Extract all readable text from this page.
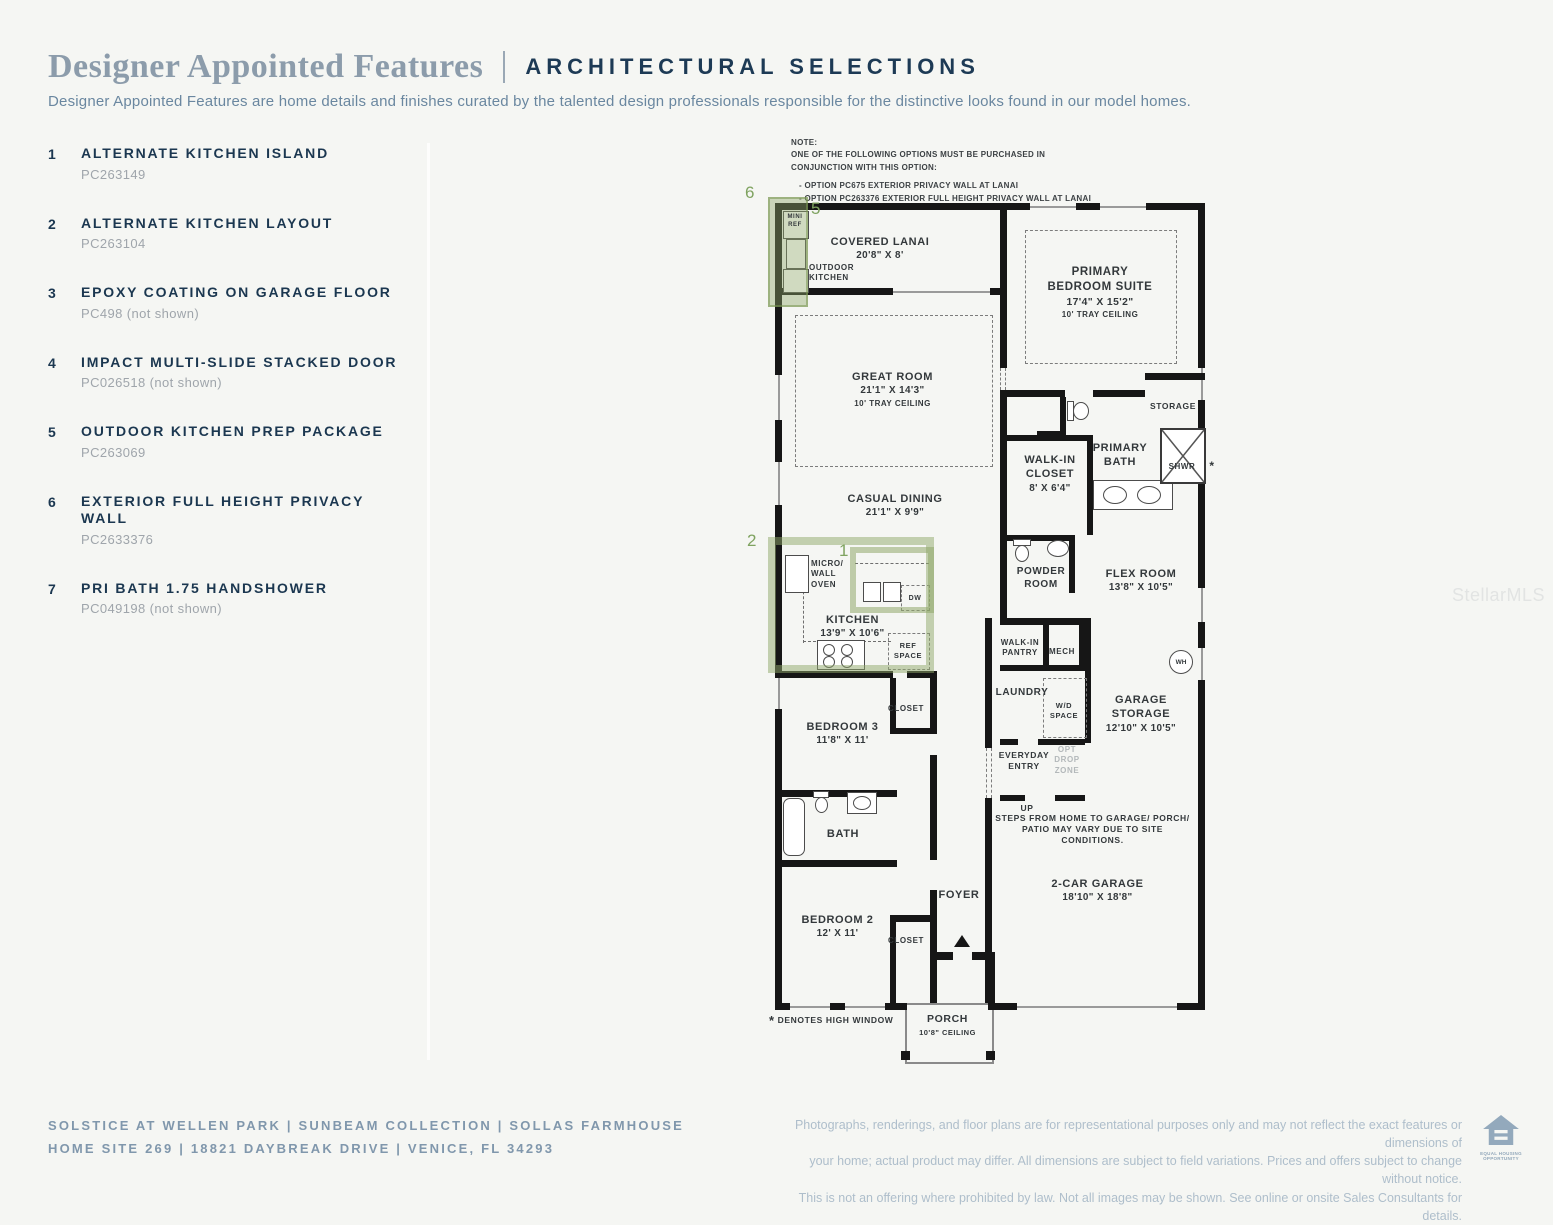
Designer Appointed Features ARCHITECTURAL SELECTIONS
Designer Appointed Features are home details and finishes curated by the talented design professionals responsible for the distinctive looks found in our model homes.
1	ALTERNATE KITCHEN ISLAND
PC263149
2	ALTERNATE KITCHEN LAYOUT
PC263104
3	EPOXY COATING ON GARAGE FLOOR
PC498 (not shown)
4	IMPACT MULTI-SLIDE STACKED DOOR
PC026518 (not shown)
5	OUTDOOR KITCHEN PREP PACKAGE
PC263069
6	EXTERIOR FULL HEIGHT PRIVACY WALL
PC2633376
7	PRI BATH 1.75 HANDSHOWER
PC049198 (not shown)
NOTE:
ONE OF THE FOLLOWING OPTIONS MUST BE PURCHASED IN
CONJUNCTION WITH THIS OPTION:
- OPTION PC675 EXTERIOR PRIVACY WALL AT LANAI
- OPTION PC263376 EXTERIOR FULL HEIGHT PRIVACY WALL AT LANAI
WH
6
5
2
1
MINI REF
COVERED LANAI
20'8" X 8'
OUTDOOR KITCHEN	PRIMARY BEDROOM SUITE
17'4" X 15'2"
10' TRAY CEILING
GREAT ROOM
21'1" X 14'3"
10' TRAY CEILING	STORAGE
WALK-IN CLOSET
8' X 6'4"
PRIMARY BATH	SHWR	*
CASUAL DINING
21'1" X 9'9"
POWDER ROOM
FLEX ROOM
13'8" X 10'5"
MICRO/ WALL OVEN
DW
KITCHEN
13'9" X 10'6"
REF SPACE
WALK-IN PANTRY	MECH
LAUNDRY
W/D SPACE
GARAGE STORAGE
12'10" X 10'5"
BEDROOM 3
11'8" X 11'
CLOSET
EVERYDAY ENTRY
OPT DROP ZONE
UP
STEPS FROM HOME TO GARAGE/ PORCH/
PATIO MAY VARY DUE TO SITE CONDITIONS.
BATH
BEDROOM 2
12' X 11'
FOYER
CLOSET
2-CAR GARAGE
18'10" X 18'8"
PORCH
10'8" CEILING
* DENOTES HIGH WINDOW
StellarMLS
SOLSTICE AT WELLEN PARK | SUNBEAM COLLECTION | SOLLAS FARMHOUSE
HOME SITE 269 | 18821 DAYBREAK DRIVE | VENICE, FL 34293
Photographs, renderings, and floor plans are for representational purposes only and may not reflect the exact features or dimensions of
your home; actual product may differ. All dimensions are subject to field variations. Prices and offers subject to change without notice.
This is not an offering where prohibited by law. Not all images may be shown. See online or onsite Sales Consultants for details.
EQUAL HOUSING OPPORTUNITY
